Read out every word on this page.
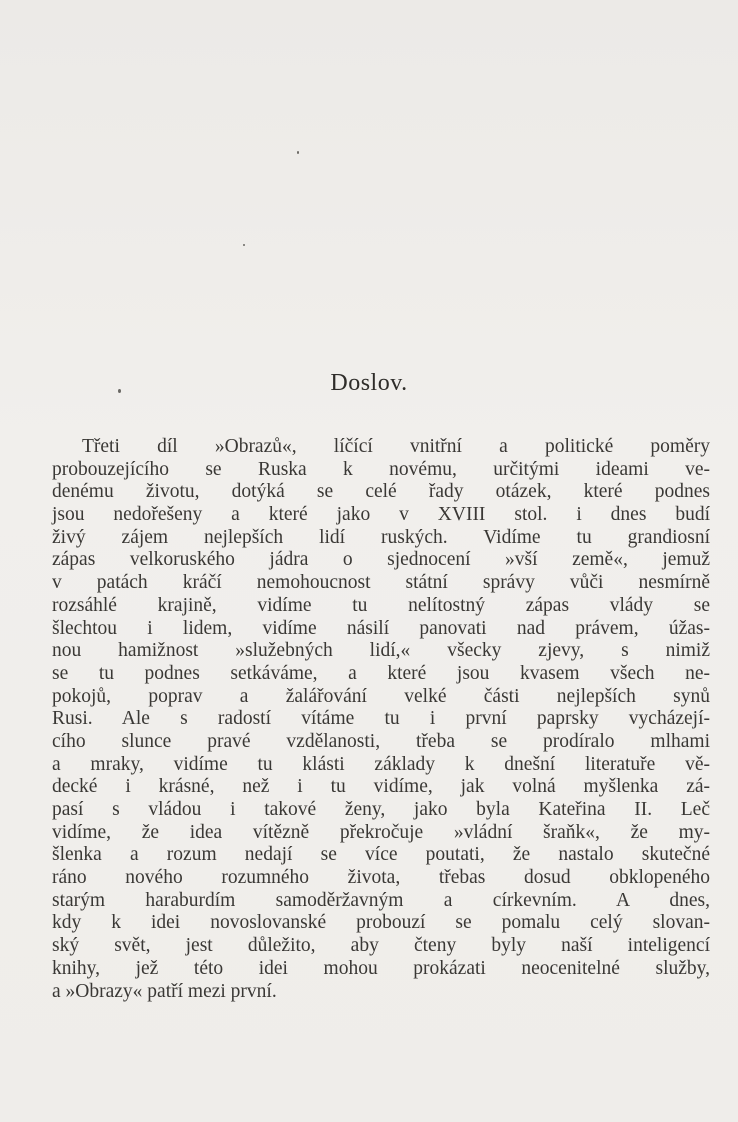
Doslov.
Třeti díl »Obrazů«, líčící vnitřní a politické poměry
probouzejícího se Ruska k novému, určitými ideami ve-
denému životu, dotýká se celé řady otázek, které podnes
jsou nedořešeny a které jako v XVIII stol. i dnes budí
živý zájem nejlepších lidí ruských. Vidíme tu grandiosní
zápas velkoruského jádra o sjednocení »vší země«, jemuž
v patách kráčí nemohoucnost státní správy vůči nesmírně
rozsáhlé krajině, vidíme tu nelítostný zápas vlády se
šlechtou i lidem, vidíme násilí panovati nad právem, úžas-
nou hamižnost »služebných lidí,« všecky zjevy, s nimiž
se tu podnes setkáváme, a které jsou kvasem všech ne-
pokojů, poprav a žalářování velké části nejlepších synů
Rusi. Ale s radostí vítáme tu i první paprsky vycházejí-
cího slunce pravé vzdělanosti, třeba se prodíralo mlhami
a mraky, vidíme tu klásti základy k dnešní literatuře vě-
decké i krásné, než i tu vidíme, jak volná myšlenka zá-
pasí s vládou i takové ženy, jako byla Kateřina II. Leč
vidíme, že idea vítězně překročuje »vládní šraňk«, že my-
šlenka a rozum nedají se více poutati, že nastalo skutečné
ráno nového rozumného života, třebas dosud obklopeného
starým haraburdím samoděržavným a církevním. A dnes,
kdy k idei novoslovanské probouzí se pomalu celý slovan-
ský svět, jest důležito, aby čteny byly naší inteligencí
knihy, jež této idei mohou prokázati neocenitelné služby,
a »Obrazy« patří mezi první.
